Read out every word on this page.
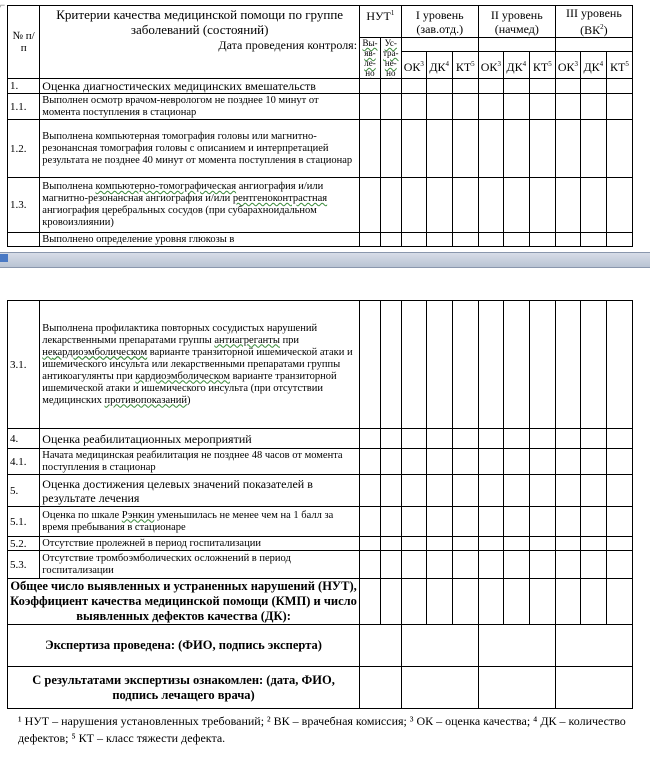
⌐
№ п/п	Критерии качества медицинской помощи по группе заболеваний (состояний)	НУТ$^1$		I уровень (зав.отд.)			II уровень (начмед)			III уровень $(ВК^2)$		
	Дата проведения контроля:	Вы-яв-ле-но	Ус-тра-не-но									
				$ОК^3$	$ДК^4$	$КТ^5$	$ОК^3$	$ДК^4$	$КТ^5$	$ОК^3$	$ДК^4$	$КТ^5$
1.	Оценка диагностических медицинских вмешательств											
1.1.	Выполнен осмотр врачом-неврологом не позднее 10 минут от момента поступления в стационар											
1.2.	Выполнена компьютерная томография головы или магнитно-резонансная томография головы с описанием и интерпретацией результата не позднее 40 минут от момента поступления в стационар											
1.3.	Выполнена компьютерно-томографическая ангиография и/или магнитно-резонансная ангиография и/или рентгеноконтрастная ангиография церебральных сосудов (при субарахноидальном кровоизлиянии)											
	Выполнено определение уровня глюкозы в											
3.1.	Выполнена профилактика повторных сосудистых нарушений лекарственными препаратами группы антиагреганты при некардиоэмболическом варианте транзиторной ишемической атаки и ишемического инсульта или лекарственными препаратами группы антикоагулянты при кардиоэмболическом варианте транзиторной ишемической атаки и ишемического инсульта (при отсутствии медицинских противопоказаний)											
4.	Оценка реабилитационных мероприятий											
4.1.	Начата медицинская реабилитация не позднее 48 часов от момента поступления в стационар											
5.	Оценка достижения целевых значений показателей в результате лечения											
5.1.	Оценка по шкале Рэнкин уменьшилась не менее чем на 1 балл за время пребывания в стационаре											
5.2.	Отсутствие пролежней в период госпитализации											
5.3.	Отсутствие тромбоэмболических осложнений в период госпитализации											
Общее число выявленных и устраненных нарушений (НУТ), Коэффициент качества медицинской помощи (КМП) и число выявленных дефектов качества (ДК):												
Экспертиза проведена: (ФИО, подпись эксперта)												
С результатами экспертизы ознакомлен: (дата, ФИО, подпись лечащего врача)												
¹ НУТ – нарушения установленных требований; ² ВК – врачебная комиссия; ³ ОК – оценка качества; ⁴ ДК – количество дефектов; ⁵ КТ – класс тяжести дефекта.
